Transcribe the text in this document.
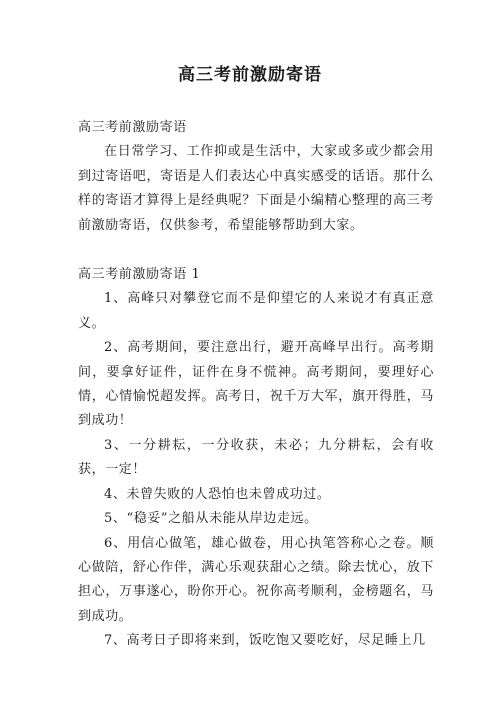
高三考前激励寄语

高三考前激励寄语

在日常学习、工作抑或是生活中，大家或多或少都会用到过寄语吧，寄语是人们表达心中真实感受的话语。那什么样的寄语才算得上是经典呢？下面是小编精心整理的高三考前激励寄语，仅供参考，希望能够帮助到大家。

高三考前激励寄语 1

1、高峰只对攀登它而不是仰望它的人来说才有真正意义。

2、高考期间，要注意出行，避开高峰早出行。高考期间，要拿好证件，证件在身不慌神。高考期间，要理好心情，心情愉悦超发挥。高考日，祝千万大军，旗开得胜，马到成功！

3、一分耕耘，一分收获，未必；九分耕耘，会有收获，一定！

4、未曾失败的人恐怕也未曾成功过。

5、“稳妥”之船从未能从岸边走远。

6、用信心做笔，雄心做卷，用心执笔答称心之卷。顺心做陪，舒心作伴，满心乐观获甜心之绩。除去忧心，放下担心，万事遂心，盼你开心。祝你高考顺利，金榜题名，马到成功。

7、高考日子即将来到，饭吃饱又要吃好，尽足睡上几
